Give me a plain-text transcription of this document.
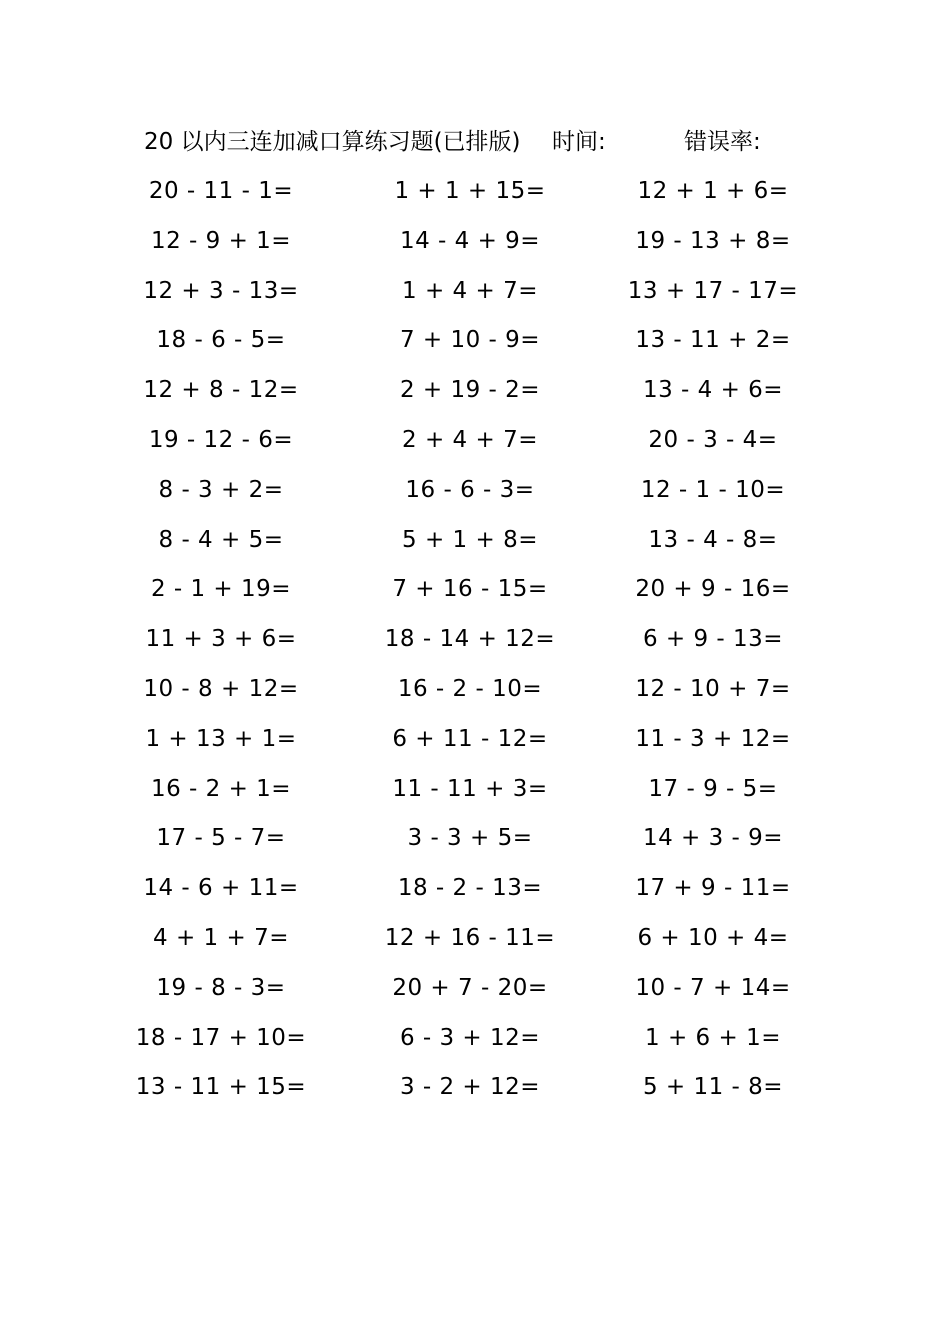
20 以内三连加减口算练习题(已排版) 时间:	错误率:
20 - 11 - 1=	1 + 1 + 15=	12 + 1 + 6=
12 - 9 + 1=	14 - 4 + 9=	19 - 13 + 8=
12 + 3 - 13=	1 + 4 + 7=	13 + 17 - 17=
18 - 6 - 5=	7 + 10 - 9=	13 - 11 + 2=
12 + 8 - 12=	2 + 19 - 2=	13 - 4 + 6=
19 - 12 - 6=	2 + 4 + 7=	20 - 3 - 4=
8 - 3 + 2=	16 - 6 - 3=	12 - 1 - 10=
8 - 4 + 5=	5 + 1 + 8=	13 - 4 - 8=
2 - 1 + 19=	7 + 16 - 15=	20 + 9 - 16=
11 + 3 + 6=	18 - 14 + 12=	6 + 9 - 13=
10 - 8 + 12=	16 - 2 - 10=	12 - 10 + 7=
1 + 13 + 1=	6 + 11 - 12=	11 - 3 + 12=
16 - 2 + 1=	11 - 11 + 3=	17 - 9 - 5=
17 - 5 - 7=	3 - 3 + 5=	14 + 3 - 9=
14 - 6 + 11=	18 - 2 - 13=	17 + 9 - 11=
4 + 1 + 7=	12 + 16 - 11=	6 + 10 + 4=
19 - 8 - 3=	20 + 7 - 20=	10 - 7 + 14=
18 - 17 + 10=	6 - 3 + 12=	1 + 6 + 1=
13 - 11 + 15=	3 - 2 + 12=	5 + 11 - 8=
